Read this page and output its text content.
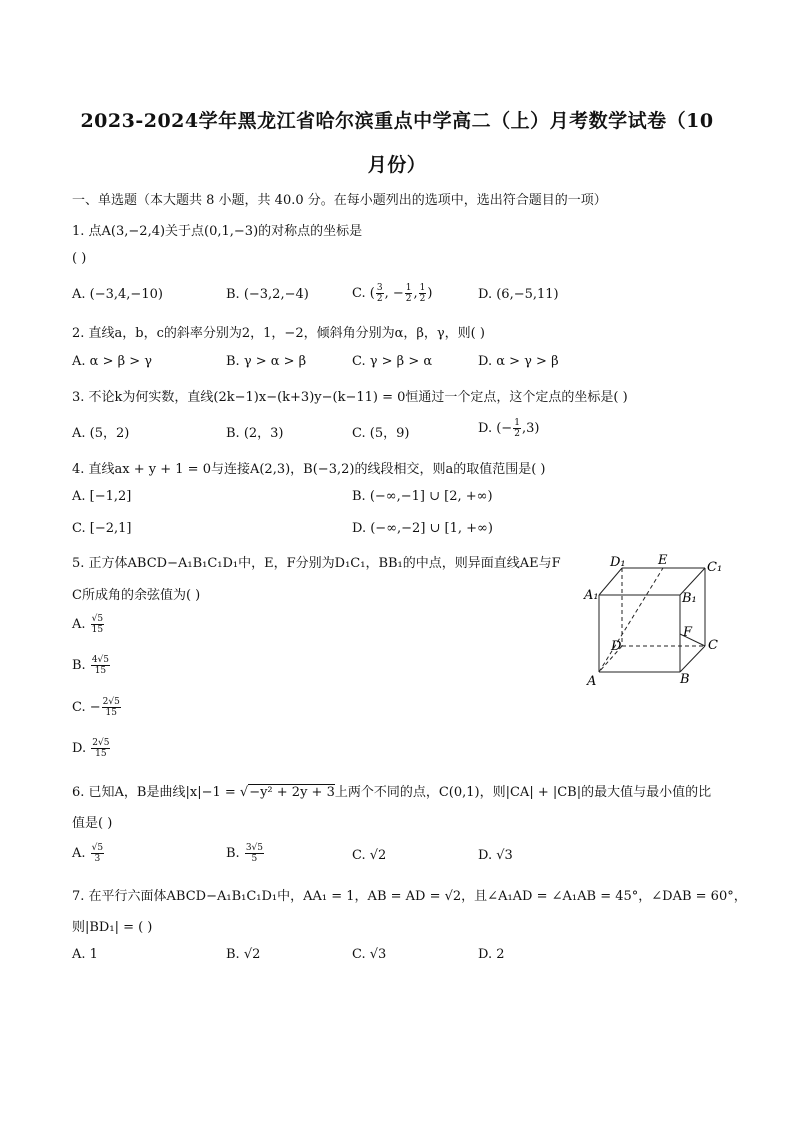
2023-2024学年黑龙江省哈尔滨重点中学高二（上）月考数学试卷（10
月份）
一、单选题（本大题共 8 小题，共 40.0 分。在每小题列出的选项中，选出符合题目的一项）
1. 点A(3,−2,4)关于点(0,1,−3)的对称点的坐标是
( )
A. (−3,4,−10)	B. (−3,2,−4)	C. ( $\frac{3}{2}$ , − $\frac{1}{2}$ , $\frac{1}{2}$ )	D. (6,−5,11)
2. 直线a，b，c的斜率分别为2，1，−2，倾斜角分别为α，β，γ，则( )
A. α > β > γ	B. γ > α > β	C. γ > β > α	D. α > γ > β
3. 不论k为何实数，直线(2k−1)x−(k+3)y−(k−11) = 0恒通过一个定点，这个定点的坐标是( )
A. (5，2)	B. (2，3)	C. (5，9)	D. (− $\frac{1}{2} ,3$)
4. 直线ax + y + 1 = 0与连接A(2,3)，B(−3,2)的线段相交，则a的取值范围是( )
A. [−1,2]	B. (−∞,−1] ∪ [2, +∞)
C. [−2,1]	D. (−∞,−2] ∪ [1, +∞)
5. 正方体ABCD−A₁B₁C₁D₁中，E，F分别为D₁C₁，BB₁的中点，则异面直线AE与F
C所成角的余弦值为( )
A. $\frac{√5}{15}$
B. $\frac{4√5}{15}$
C. − $\frac{2√5}{15}$
D. $\frac{2√5}{15}$
D₁ E	C₁
A₁	B₁
F
D	C
A	B
6. 已知A，B是曲线|x|−1 = √−y² + 2y + 3上两个不同的点，C(0,1)，则|CA| + |CB|的最大值与最小值的比
值是( )
A. $\frac{√5}{3}$	B. $\frac{3√5}{5}$	C. √2	D. √3
7. 在平行六面体ABCD−A₁B₁C₁D₁中，AA₁ = 1，AB = AD = √2，且∠A₁AD = ∠A₁AB = 45°，∠DAB = 60°，
则|BD₁| = ( )
A. 1	B. √2	C. √3	D. 2
